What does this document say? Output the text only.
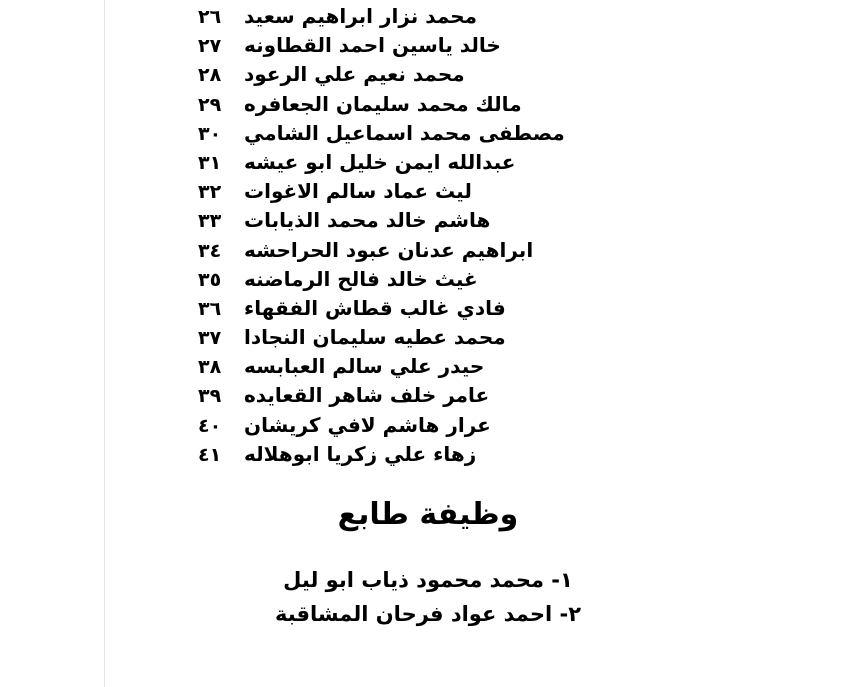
محمد نزار ابراهيم سعيد
٢٦
خالد ياسين احمد القطاونه
٢٧
محمد نعيم علي الرعود
٢٨
مالك محمد سليمان الجعافره
٢٩
مصطفى محمد اسماعيل الشامي
٣٠
عبدالله ايمن خليل ابو عيشه
٣١
ليث عماد سالم الاغوات
٣٢
هاشم خالد محمد الذيابات
٣٣
ابراهيم عدنان عبود الحراحشه
٣٤
غيث خالد فالح الرماضنه
٣٥
فادي غالب قطاش الفقهاء
٣٦
محمد عطيه سليمان النجادا
٣٧
حيدر علي سالم العبابسه
٣٨
عامر خلف شاهر القعايده
٣٩
عرار هاشم لافي كريشان
٤٠
زهاء علي زكريا ابوهلاله
٤١
وظيفة طابع
١- محمد محمود ذياب ابو ليل
٢- احمد عواد فرحان المشاقبة
